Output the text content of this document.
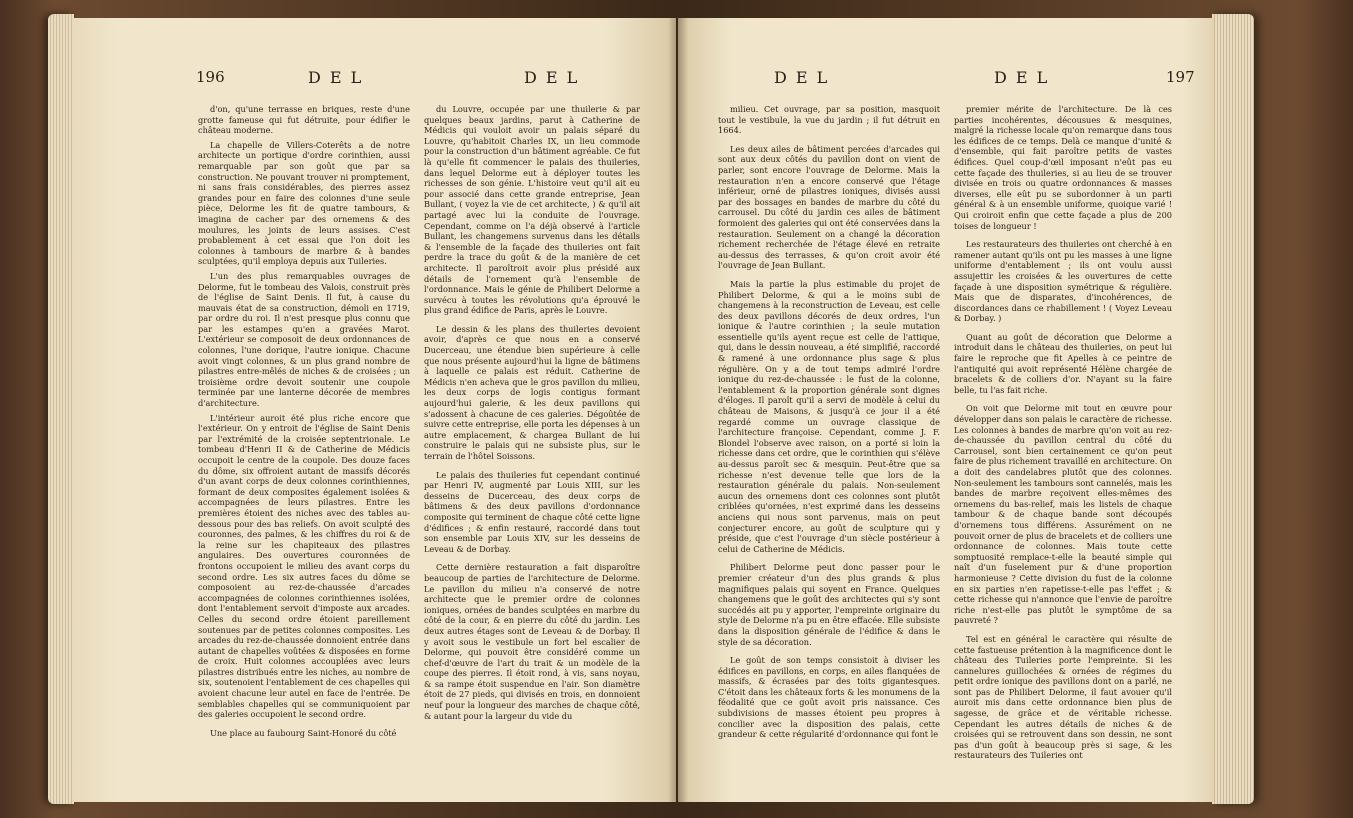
196	D E L	D E L

d'on, qu'une terrasse en briques, reste d'une grotte fameuse qui fut détruite, pour édifier le château moderne.

La chapelle de Villers-Coterêts a de notre architecte un portique d'ordre corinthien, aussi remarquable par son goût que par sa construction. Ne pouvant trouver ni promptement, ni sans frais considérables, des pierres assez grandes pour en faire des colonnes d'une seule pièce, Delorme les fit de quatre tambours, & imagina de cacher par des ornemens & des moulures, les joints de leurs assises. C'est probablement à cet essai que l'on doit les colonnes à tambours de marbre & à bandes sculptées, qu'il employa depuis aux Tuileries.

L'un des plus remarquables ouvrages de Delorme, fut le tombeau des Valois, construit près de l'église de Saint Denis. Il fut, à cause du mauvais état de sa construction, démoli en 1719, par ordre du roi. Il n'est presque plus connu que par les estampes qu'en a gravées Marot. L'extérieur se composoit de deux ordonnances de colonnes, l'une dorique, l'autre ionique. Chacune avoit vingt colonnes, & un plus grand nombre de pilastres entre-mêlés de niches & de croisées ; un troisième ordre devoit soutenir une coupole terminée par une lanterne décorée de membres d'architecture.

L'intérieur auroit été plus riche encore que l'extérieur. On y entroit de l'église de Saint Denis par l'extrémité de la croisée septentrionale. Le tombeau d'Henri II & de Catherine de Médicis occupoit le centre de la coupole. Des douze faces du dôme, six offroient autant de massifs décorés d'un avant corps de deux colonnes corinthiennes, formant de deux composites également isolées & accompagnées de leurs pilastres. Entre les premières étoient des niches avec des tables au-dessous pour des bas reliefs. On avoit sculpté des couronnes, des palmes, & les chiffres du roi & de la reine sur les chapiteaux des pilastres angulaires. Des ouvertures couronnées de frontons occupoient le milieu des avant corps du second ordre. Les six autres faces du dôme se composoient au rez-de-chaussée d'arcades accompagnées de colonnes corinthiennes isolées, dont l'entablement servoit d'imposte aux arcades. Celles du second ordre étoient pareillement soutenues par de petites colonnes composites. Les arcades du rez-de-chaussée donnoient entrée dans autant de chapelles voûtées & disposées en forme de croix. Huit colonnes accouplées avec leurs pilastres distribués entre les niches, au nombre de six, soutenoient l'entablement de ces chapelles qui avoient chacune leur autel en face de l'entrée. De semblables chapelles qui se communiquoient par des galeries occupoient le second ordre.

Une place au faubourg Saint-Honoré du côté

du Louvre, occupée par une thuilerie & par quelques beaux jardins, parut à Catherine de Médicis qui vouloit avoir un palais séparé du Louvre, qu'habitoit Charles IX, un lieu commode pour la construction d'un bâtiment agréable. Ce fut là qu'elle fit commencer le palais des thuileries, dans lequel Delorme eut à déployer toutes les richesses de son génie. L'histoire veut qu'il ait eu pour associé dans cette grande entreprise, Jean Bullant, ( voyez la vie de cet architecte, ) & qu'il ait partagé avec lui la conduite de l'ouvrage. Cependant, comme on l'a déjà observé à l'article Bullant, les changemens survenus dans les détails & l'ensemble de la façade des thuileries ont fait perdre la trace du goût & de la manière de cet architecte. Il paroîtroit avoir plus présidé aux détails de l'ornement qu'à l'ensemble de l'ordonnance. Mais le génie de Philibert Delorme a survécu à toutes les révolutions qu'a éprouvé le plus grand édifice de Paris, après le Louvre.

Le dessin & les plans des thuileries devoient avoir, d'après ce que nous en a conservé Ducerceau, une étendue bien supérieure à celle que nous présente aujourd'hui la ligne de bâtimens à laquelle ce palais est réduit. Catherine de Médicis n'en acheva que le gros pavillon du milieu, les deux corps de logis contigus formant aujourd'hui galerie, & les deux pavillons qui s'adossent à chacune de ces galeries. Dégoûtée de suivre cette entreprise, elle porta les dépenses à un autre emplacement, & chargea Bullant de lui construire le palais qui ne subsiste plus, sur le terrain de l'hôtel Soissons.

Le palais des thuileries fut cependant continué par Henri IV, augmenté par Louis XIII, sur les desseins de Ducerceau, des deux corps de bâtimens & des deux pavillons d'ordonnance composite qui terminent de chaque côté cette ligne d'édifices ; & enfin restauré, raccordé dans tout son ensemble par Louis XIV, sur les desseins de Leveau & de Dorbay.

Cette dernière restauration a fait disparoître beaucoup de parties de l'architecture de Delorme. Le pavillon du milieu n'a conservé de notre architecte que le premier ordre de colonnes ioniques, ornées de bandes sculptées en marbre du côté de la cour, & en pierre du côté du jardin. Les deux autres étages sont de Leveau & de Dorbay. Il y avoit sous le vestibule un fort bel escalier de Delorme, qui pouvoit être considéré comme un chef-d'œuvre de l'art du trait & un modèle de la coupe des pierres. Il étoit rond, à vis, sans noyau, & sa rampe étoit suspendue en l'air. Son diamètre étoit de 27 pieds, qui divisés en trois, en donnoient neuf pour la longueur des marches de chaque côté, & autant pour la largeur du vide du

D E L	D E L	197

milieu. Cet ouvrage, par sa position, masquoit tout le vestibule, la vue du jardin ; il fut détruit en 1664.

Les deux ailes de bâtiment percées d'arcades qui sont aux deux côtés du pavillon dont on vient de parler, sont encore l'ouvrage de Delorme. Mais la restauration n'en a encore conservé que l'étage inférieur, orné de pilastres ioniques, divisés aussi par des bossages en bandes de marbre du côté du carrousel. Du côté du jardin ces ailes de bâtiment formoient des galeries qui ont été conservées dans la restauration. Seulement on a changé la décoration richement recherchée de l'étage élevé en retraite au-dessus des terrasses, & qu'on croit avoir été l'ouvrage de Jean Bullant.

Mais la partie la plus estimable du projet de Philibert Delorme, & qui a le moins subi de changemens à la reconstruction de Leveau, est celle des deux pavillons décorés de deux ordres, l'un ionique & l'autre corinthien ; la seule mutation essentielle qu'ils ayent reçue est celle de l'attique, qui, dans le dessin nouveau, a été simplifié, raccordé & ramené à une ordonnance plus sage & plus régulière. On y a de tout temps admiré l'ordre ionique du rez-de-chaussée : le fust de la colonne, l'entablement & la proportion générale sont dignes d'éloges. Il paroît qu'il a servi de modèle à celui du château de Maisons, & jusqu'à ce jour il a été regardé comme un ouvrage classique de l'architecture françoise. Cependant, comme J. F. Blondel l'observe avec raison, on a porté si loin la richesse dans cet ordre, que le corinthien qui s'élève au-dessus paroît sec & mesquin. Peut-être que sa richesse n'est devenue telle que lors de la restauration générale du palais. Non-seulement aucun des ornemens dont ces colonnes sont plutôt criblées qu'ornées, n'est exprimé dans les desseins anciens qui nous sont parvenus, mais on peut conjecturer encore, au goût de sculpture qui y préside, que c'est l'ouvrage d'un siècle postérieur à celui de Catherine de Médicis.

Philibert Delorme peut donc passer pour le premier créateur d'un des plus grands & plus magnifiques palais qui soyent en France. Quelques changemens que le goût des architectes qui s'y sont succédés ait pu y apporter, l'empreinte originaire du style de Delorme n'a pu en être effacée. Elle subsiste dans la disposition générale de l'édifice & dans le style de sa décoration.

Le goût de son temps consistoit à diviser les édifices en pavillons, en corps, en ailes flanquées de massifs, & écrasées par des toits gigantesques. C'étoit dans les châteaux forts & les monumens de la féodalité que ce goût avoit pris naissance. Ces subdivisions de masses étoient peu propres à concilier avec la disposition des palais, cette grandeur & cette régularité d'ordonnance qui font le

premier mérite de l'architecture. De là ces parties incohérentes, décousues & mesquines, malgré la richesse locale qu'on remarque dans tous les édifices de ce temps. Delà ce manque d'unité & d'ensemble, qui fait paroître petits de vastes édifices. Quel coup-d'œil imposant n'eût pas eu cette façade des thuileries, si au lieu de se trouver divisée en trois ou quatre ordonnances & masses diverses, elle eût pu se subordonner à un parti général & à un ensemble uniforme, quoique varié ! Qui croiroit enfin que cette façade a plus de 200 toises de longueur !

Les restaurateurs des thuileries ont cherché à en ramener autant qu'ils ont pu les masses à une ligne uniforme d'entablement ; ils ont voulu aussi assujettir les croisées & les ouvertures de cette façade à une disposition symétrique & régulière. Mais que de disparates, d'incohérences, de discordances dans ce rhabillement ! ( Voyez Leveau & Dorbay. )

Quant au goût de décoration que Delorme a introduit dans le château des thuileries, on peut lui faire le reproche que fit Apelles à ce peintre de l'antiquité qui avoit représenté Hélène chargée de bracelets & de colliers d'or. N'ayant su la faire belle, tu l'as fait riche.

On voit que Delorme mit tout en œuvre pour développer dans son palais le caractère de richesse. Les colonnes à bandes de marbre qu'on voit au rez-de-chaussée du pavillon central du côté du Carrousel, sont bien certainement ce qu'on peut faire de plus richement travaillé en architecture. On a doit des candelabres plutôt que des colonnes. Non-seulement les tambours sont cannelés, mais les bandes de marbre reçoivent elles-mêmes des ornemens du bas-relief, mais les listels de chaque tambour & de chaque bande sont découpés d'ornemens tous différens. Assurément on ne pouvoit orner de plus de bracelets et de colliers une ordonnance de colonnes. Mais toute cette somptuosité remplace-t-elle la beauté simple qui naît d'un fuselement pur & d'une proportion harmonieuse ? Cette division du fust de la colonne en six parties n'en rapetisse-t-elle pas l'effet ; & cette richesse qui n'annonce que l'envie de paroître riche n'est-elle pas plutôt le symptôme de sa pauvreté ?

Tel est en général le caractère qui résulte de cette fastueuse prétention à la magnificence dont le château des Tuileries porte l'empreinte. Si les cannelures guillochées & ornées de régimes du petit ordre ionique des pavillons dont on a parlé, ne sont pas de Philibert Delorme, il faut avouer qu'il auroit mis dans cette ordonnance bien plus de sagesse, de grâce et de véritable richesse. Cependant les autres détails de niches & de croisées qui se retrouvent dans son dessin, ne sont pas d'un goût à beaucoup près si sage, & les restaurateurs des Tuileries ont
